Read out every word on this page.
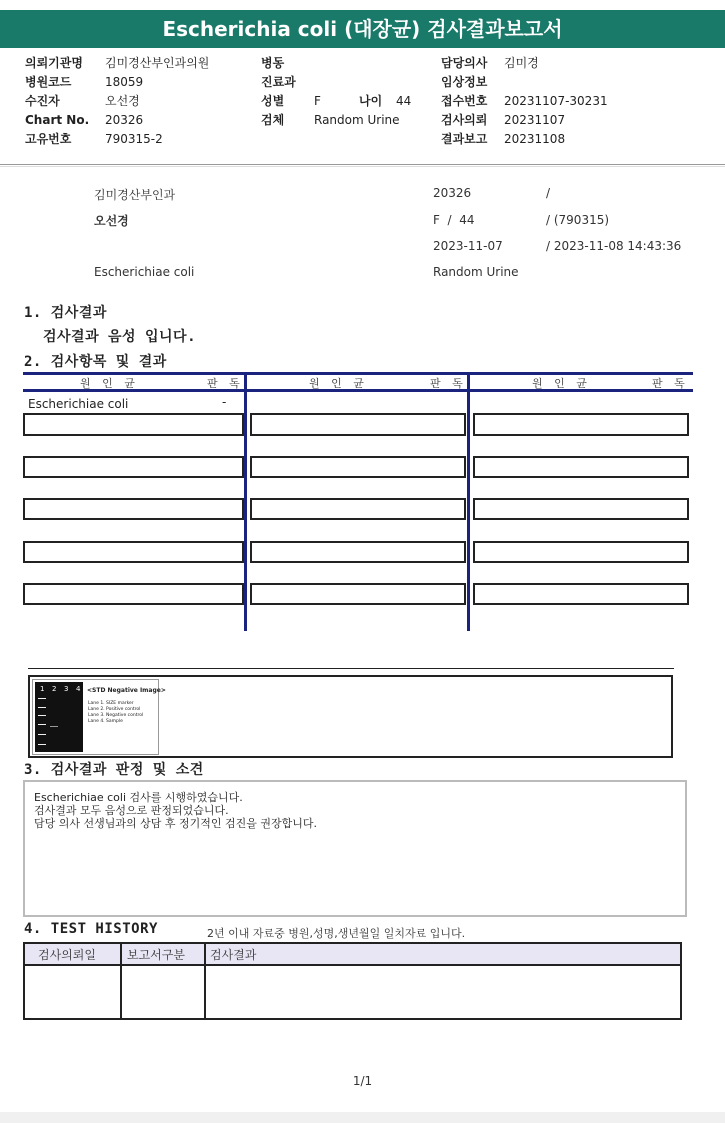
Escherichia coli (대장균) 검사결과보고서
의뢰기관명 김미경산부인과의원
병원코드	18059
수진자	오선경
Chart No. 20326
고유번호	790315-2
병동
진료과
성별 F	나이 44
검체 Random Urine
담당의사 김미경
임상정보
접수번호 20231107-30231
검사의뢰 20231107
결과보고 20231108
김미경산부인과
오선경
Escherichiae coli
20326	/
F  /  44	/ (790315)
2023-11-07	/ 2023-11-08 14:43:36
Random Urine
1. 검사결과
검사결과 음성 입니다.
2. 검사항목 및 결과
원 인 균	판 독	원 인 균	판 독	원 인 균	판 독
Escherichiae coli	-
1 2 3 4 <STD Negative Image>
Lane 1. SIZE marker
Lane 2. Positive control
Lane 3. Negative control
Lane 4. Sample
3. 검사결과 판정 및 소견
Escherichiae coli 검사를 시행하였습니다.
검사결과 모두 음성으로 판정되었습니다.
담당 의사 선생님과의 상담 후 정기적인 검진을 권장합니다.
4. TEST HISTORY	2년 이내 자료중 병원,성명,생년월일 일치자료 입니다.
검사의뢰일	보고서구분 검사결과
1/1
